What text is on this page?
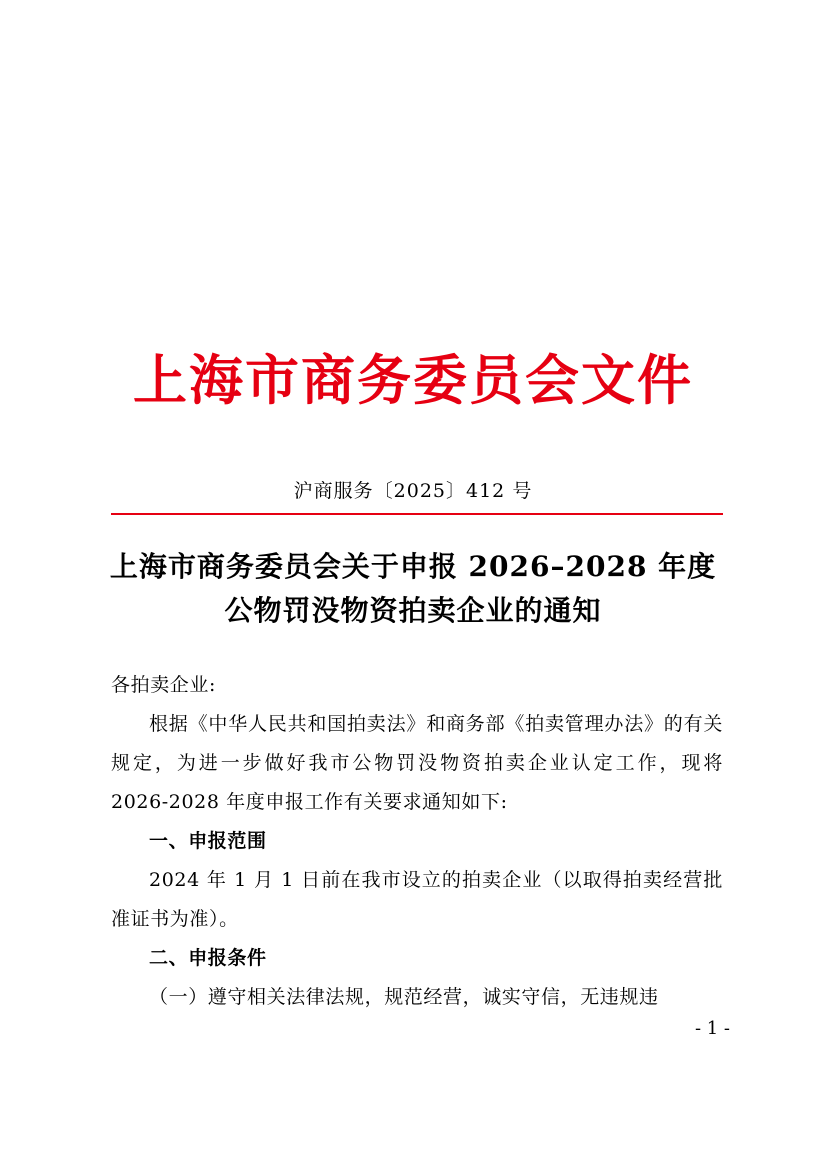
上海市商务委员会文件
沪商服务〔2025〕412 号
上海市商务委员会关于申报 2026–2028 年度
公物罚没物资拍卖企业的通知

各拍卖企业:

根据《中华人民共和国拍卖法》和商务部《拍卖管理办法》的有关规定，为进一步做好我市公物罚没物资拍卖企业认定工作，现将 2026-2028 年度申报工作有关要求通知如下:

一、申报范围

2024 年 1 月 1 日前在我市设立的拍卖企业（以取得拍卖经营批准证书为准）。

二、申报条件

（一）遵守相关法律法规，规范经营，诚实守信，无违规违

- 1 -
